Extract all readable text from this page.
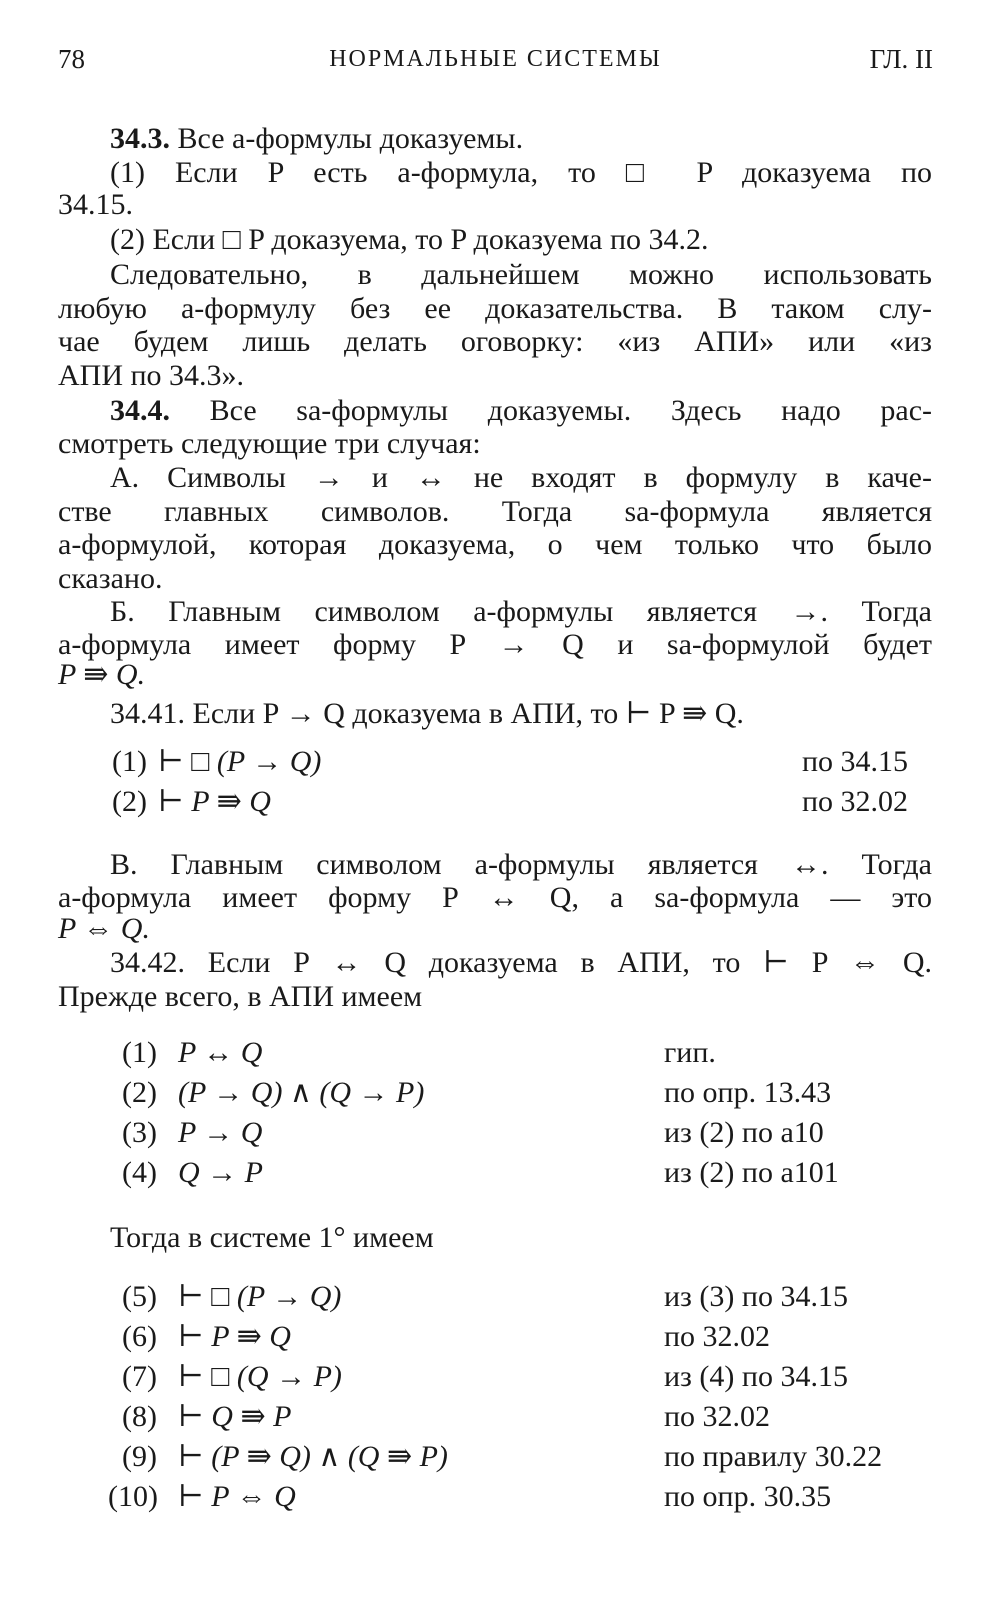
78	НОРМАЛЬНЫЕ СИСТЕМЫ	ГЛ. II
34.3. Все a-формулы доказуемы.
(1) Если P есть a-формула, то □ P доказуема по
34.15.
(2) Если □ P доказуема, то P доказуема по 34.2.
Следовательно, в дальнейшем можно использовать
любую a-формулу без ее доказательства. В таком слу-
чае будем лишь делать оговорку: «из АПИ» или «из
АПИ по 34.3».
34.4. Все sa-формулы доказуемы. Здесь надо рас-
смотреть следующие три случая:
А. Символы → и ↔ не входят в формулу в каче-
стве главных символов. Тогда sa-формула является
a-формулой, которая доказуема, о чем только что было
сказано.
Б. Главным символом a-формулы является →. Тогда
a-формула имеет форму P → Q и sa-формулой будет
P ⇛ Q.
34.41. Если P → Q доказуема в АПИ, то ⊢ P ⇛ Q.
(1) ⊢ □ (P → Q)	по 34.15
(2) ⊢ P ⇛ Q	по 32.02
В. Главным символом a-формулы является ↔. Тогда
a-формула имеет форму P ↔ Q, а sa-формула — это
P ⇔ Q.
34.42. Если P ↔ Q доказуема в АПИ, то ⊢ P ⇔ Q.
Прежде всего, в АПИ имеем
(1) P ↔ Q	гип.
(2) (P → Q) ∧ (Q → P)	по опр. 13.43
(3) P → Q	из (2) по a10
(4) Q → P	из (2) по a101
Тогда в системе 1° имеем
(5) ⊢ □ (P → Q)	из (3) по 34.15
(6) ⊢ P ⇛ Q	по 32.02
(7) ⊢ □ (Q → P)	из (4) по 34.15
(8) ⊢ Q ⇛ P	по 32.02
(9) ⊢ (P ⇛ Q) ∧ (Q ⇛ P)	по правилу 30.22
(10) ⊢ P ⇔ Q	по опр. 30.35
